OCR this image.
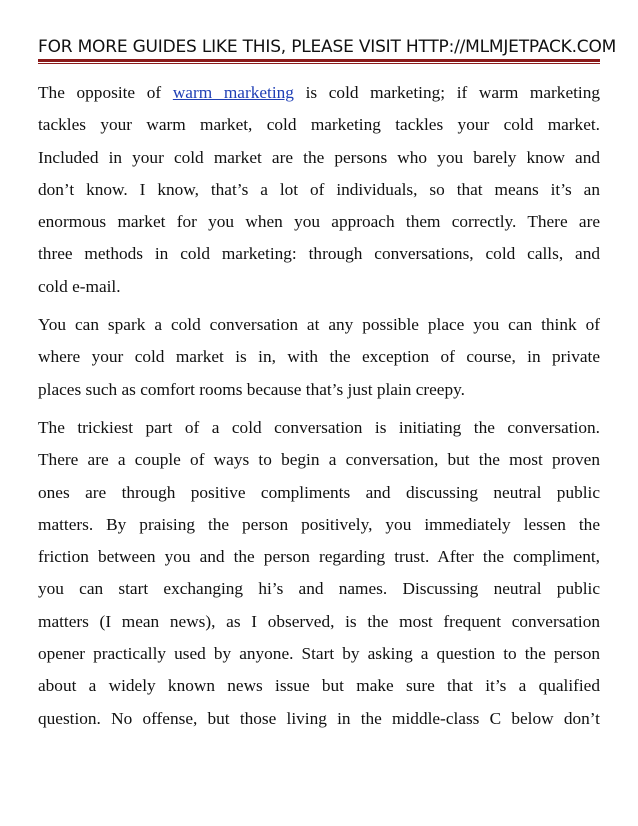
FOR MORE GUIDES LIKE THIS, PLEASE VISIT HTTP://MLMJETPACK.COM
The opposite of warm marketing is cold marketing; if warm marketing
tackles your warm market, cold marketing tackles your cold market.
Included in your cold market are the persons who you barely know and
don’t know. I know, that’s a lot of individuals, so that means it’s an
enormous market for you when you approach them correctly. There are
three methods in cold marketing: through conversations, cold calls, and
cold e-mail.
You can spark a cold conversation at any possible place you can think of
where your cold market is in, with the exception of course, in private
places such as comfort rooms because that’s just plain creepy.
The trickiest part of a cold conversation is initiating the conversation.
There are a couple of ways to begin a conversation, but the most proven
ones are through positive compliments and discussing neutral public
matters. By praising the person positively, you immediately lessen the
friction between you and the person regarding trust. After the compliment,
you can start exchanging hi’s and names. Discussing neutral public
matters (I mean news), as I observed, is the most frequent conversation
opener practically used by anyone. Start by asking a question to the person
about a widely known news issue but make sure that it’s a qualified
question. No offense, but those living in the middle-class C below don’t
